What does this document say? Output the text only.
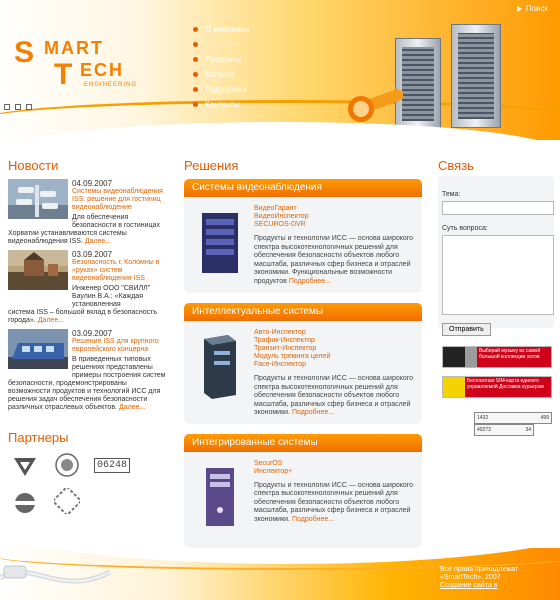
S MART
T ECH
ENGINEERING
О компании
Решения
Продукты
Каталог
Поддержка
Контакты
Поиск
Новости
04.09.2007
Системы видеонаблюдения ISS: решение для гостиниц видеонаблюдение
Для обеспечения безопасности в гостиницах
Хорватии устанавливаются системы видеонаблюдения ISS. Далее...
03.09.2007
Безопасность г. Коломны в «руках» систем видеонаблюдения ISS
Инженер ООО "СВИЛЛ" Баулин В.А.: «Каждая установленная
система ISS – большой вклад в безопасность города». Далее...
03.09.2007
Решение ISS для крупного европейского концерна
В приведенных типовых решениях представлены примеры построения систем
безопасности, продемонстрированы возможности продуктов и технологий ИСС для решения задач обеспечения безопасности различных отраслевых объектов. Далее...
Партнеры
06248
Решения
Системы видеонаблюдения
ВидеоГарант
ВидеоИнспектор
SECUROS-DVR
Продукты и технологии ИСС — основа широкого спектра высокотехнологичных решений для обеспечения безопасности объектов любого масштаба, различных сфер бизнеса и отраслей экономики. Функциональные возможности продуктов Подробнее...
Интеллектуальные системы
Авто-Инспектор
Трафик-Инспектор
Транзит-Инспектор
Модуль трекинга целей
Face-Инспектор
Продукты и технологии ИСС — основа широкого спектра высокотехнологичных решений для обеспечения безопасности объектов любого масштаба, различных сфер бизнеса и отраслей экономики. Подробнее...
Интегрированные системы
SecurOS
Инспектор+
Продукты и технологии ИСС — основа широкого спектра высокотехнологичных решений для обеспечения безопасности объектов любого масштаба, различных сфер бизнеса и отраслей экономики. Подробнее...
Связь
Тема:
Суть вопроса:
Отправить
Выбирай музыку из самой большой коллекции хитов
Бесплатная SIM-карта единого управляемой Доставка курьером
1432	499
40273	34
Все права принадлежат «SmartTech», 2007
Создание сайта в
